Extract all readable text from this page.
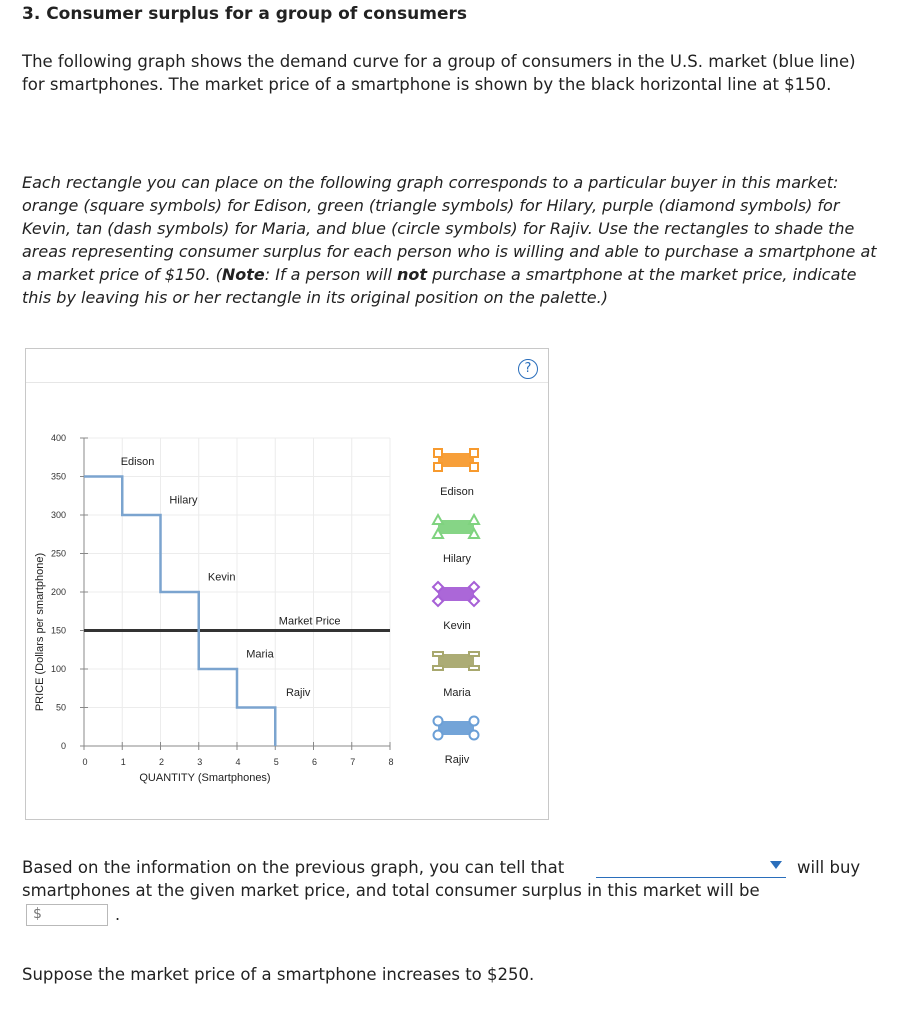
3. Consumer surplus for a group of consumers
The following graph shows the demand curve for a group of consumers in the U.S. market (blue line) for smartphones. The market price of a smartphone is shown by the black horizontal line at $150.
Each rectangle you can place on the following graph corresponds to a particular buyer in this market: orange (square symbols) for Edison, green (triangle symbols) for Hilary, purple (diamond symbols) for Kevin, tan (dash symbols) for Maria, and blue (circle symbols) for Rajiv. Use the rectangles to shade the areas representing consumer surplus for each person who is willing and able to purchase a smartphone at a market price of $150. (Note: If a person will not purchase a smartphone at the market price, indicate this by leaving his or her rectangle in its original position on the palette.)
?
0
50
100
150
200
250
300
350
400
0	1	2	3	4	5	6	7	8
QUANTITY (Smartphones)
PRICE (Dollars per smartphone)	Market Price
Edison
Hilary
Kevin
Maria
Rajiv
Edison
Hilary
Kevin
Maria
Rajiv
Based on the information on the previous graph, you can tell that	will buy
smartphones at the given market price, and total consumer surplus in this market will be
$	.
Suppose the market price of a smartphone increases to $250.
